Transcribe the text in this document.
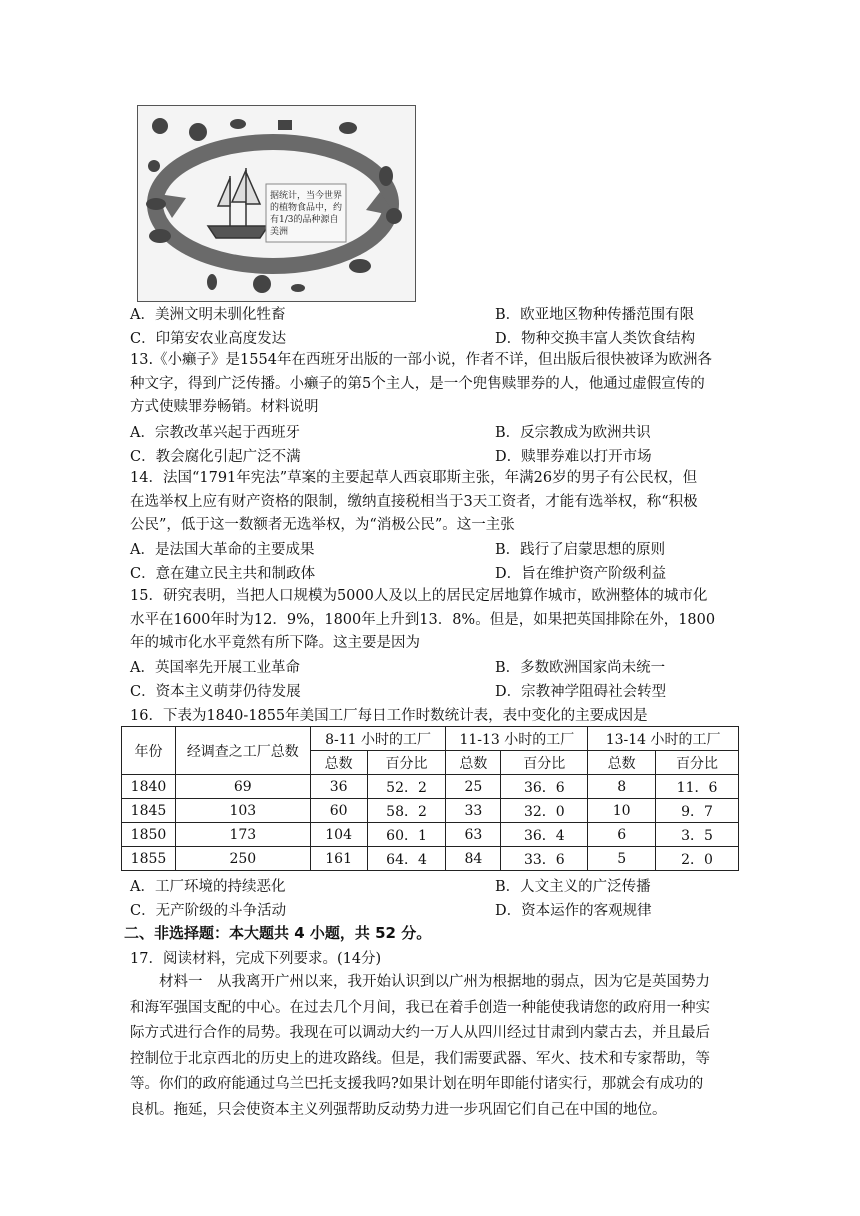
据统计，当今世界
的植物食品中，约
有1/3的品种源自
美洲
A．美洲文明未驯化牲畜	B．欧亚地区物种传播范围有限
C．印第安农业高度发达	D．物种交换丰富人类饮食结构
13.《小癞子》是1554年在西班牙出版的一部小说，作者不详，但出版后很快被译为欧洲各
种文字，得到广泛传播。小癞子的第5个主人，是一个兜售赎罪券的人，他通过虚假宣传的
方式使赎罪券畅销。材料说明
A．宗教改革兴起于西班牙	B．反宗教成为欧洲共识
C．教会腐化引起广泛不满	D．赎罪券难以打开市场
14．法国“1791年宪法”草案的主要起草人西哀耶斯主张，年满26岁的男子有公民权，但
在选举权上应有财产资格的限制，缴纳直接税相当于3天工资者，才能有选举权，称“积极
公民”，低于这一数额者无选举权，为“消极公民”。这一主张
A．是法国大革命的主要成果	B．践行了启蒙思想的原则
C．意在建立民主共和制政体	D．旨在维护资产阶级利益
15．研究表明，当把人口规模为5000人及以上的居民定居地算作城市，欧洲整体的城市化
水平在1600年时为12．9%，1800年上升到13．8%。但是，如果把英国排除在外，1800
年的城市化水平竟然有所下降。这主要是因为
A．英国率先开展工业革命	B．多数欧洲国家尚未统一
C．资本主义萌芽仍待发展	D．宗教神学阻碍社会转型
16．下表为1840-1855年美国工厂每日工作时数统计表，表中变化的主要成因是
年份	经调查之工厂总数	8-11 小时的工厂		11-13 小时的工厂		13-14 小时的工厂	
		总数	百分比	总数	百分比	总数	百分比
1840	69	36	52．2	25	36．6	8	11．6
1845	103	60	58．2	33	32．0	10	9．7
1850	173	104	60．1	63	36．4	6	3．5
1855	250	161	64．4	84	33．6	5	2．0
A．工厂环境的持续恶化	B．人文主义的广泛传播
C．无产阶级的斗争活动	D．资本运作的客观规律
二、非选择题：本大题共 4 小题，共 52 分。
17．阅读材料，完成下列要求。(14分)
材料一　从我离开广州以来，我开始认识到以广州为根据地的弱点，因为它是英国势力
和海军强国支配的中心。在过去几个月间，我已在着手创造一种能使我请您的政府用一种实
际方式进行合作的局势。我现在可以调动大约一万人从四川经过甘肃到内蒙古去，并且最后
控制位于北京西北的历史上的进攻路线。但是，我们需要武器、军火、技术和专家帮助，等
等。你们的政府能通过乌兰巴托支援我吗?如果计划在明年即能付诸实行，那就会有成功的
良机。拖延，只会使资本主义列强帮助反动势力进一步巩固它们自己在中国的地位。
